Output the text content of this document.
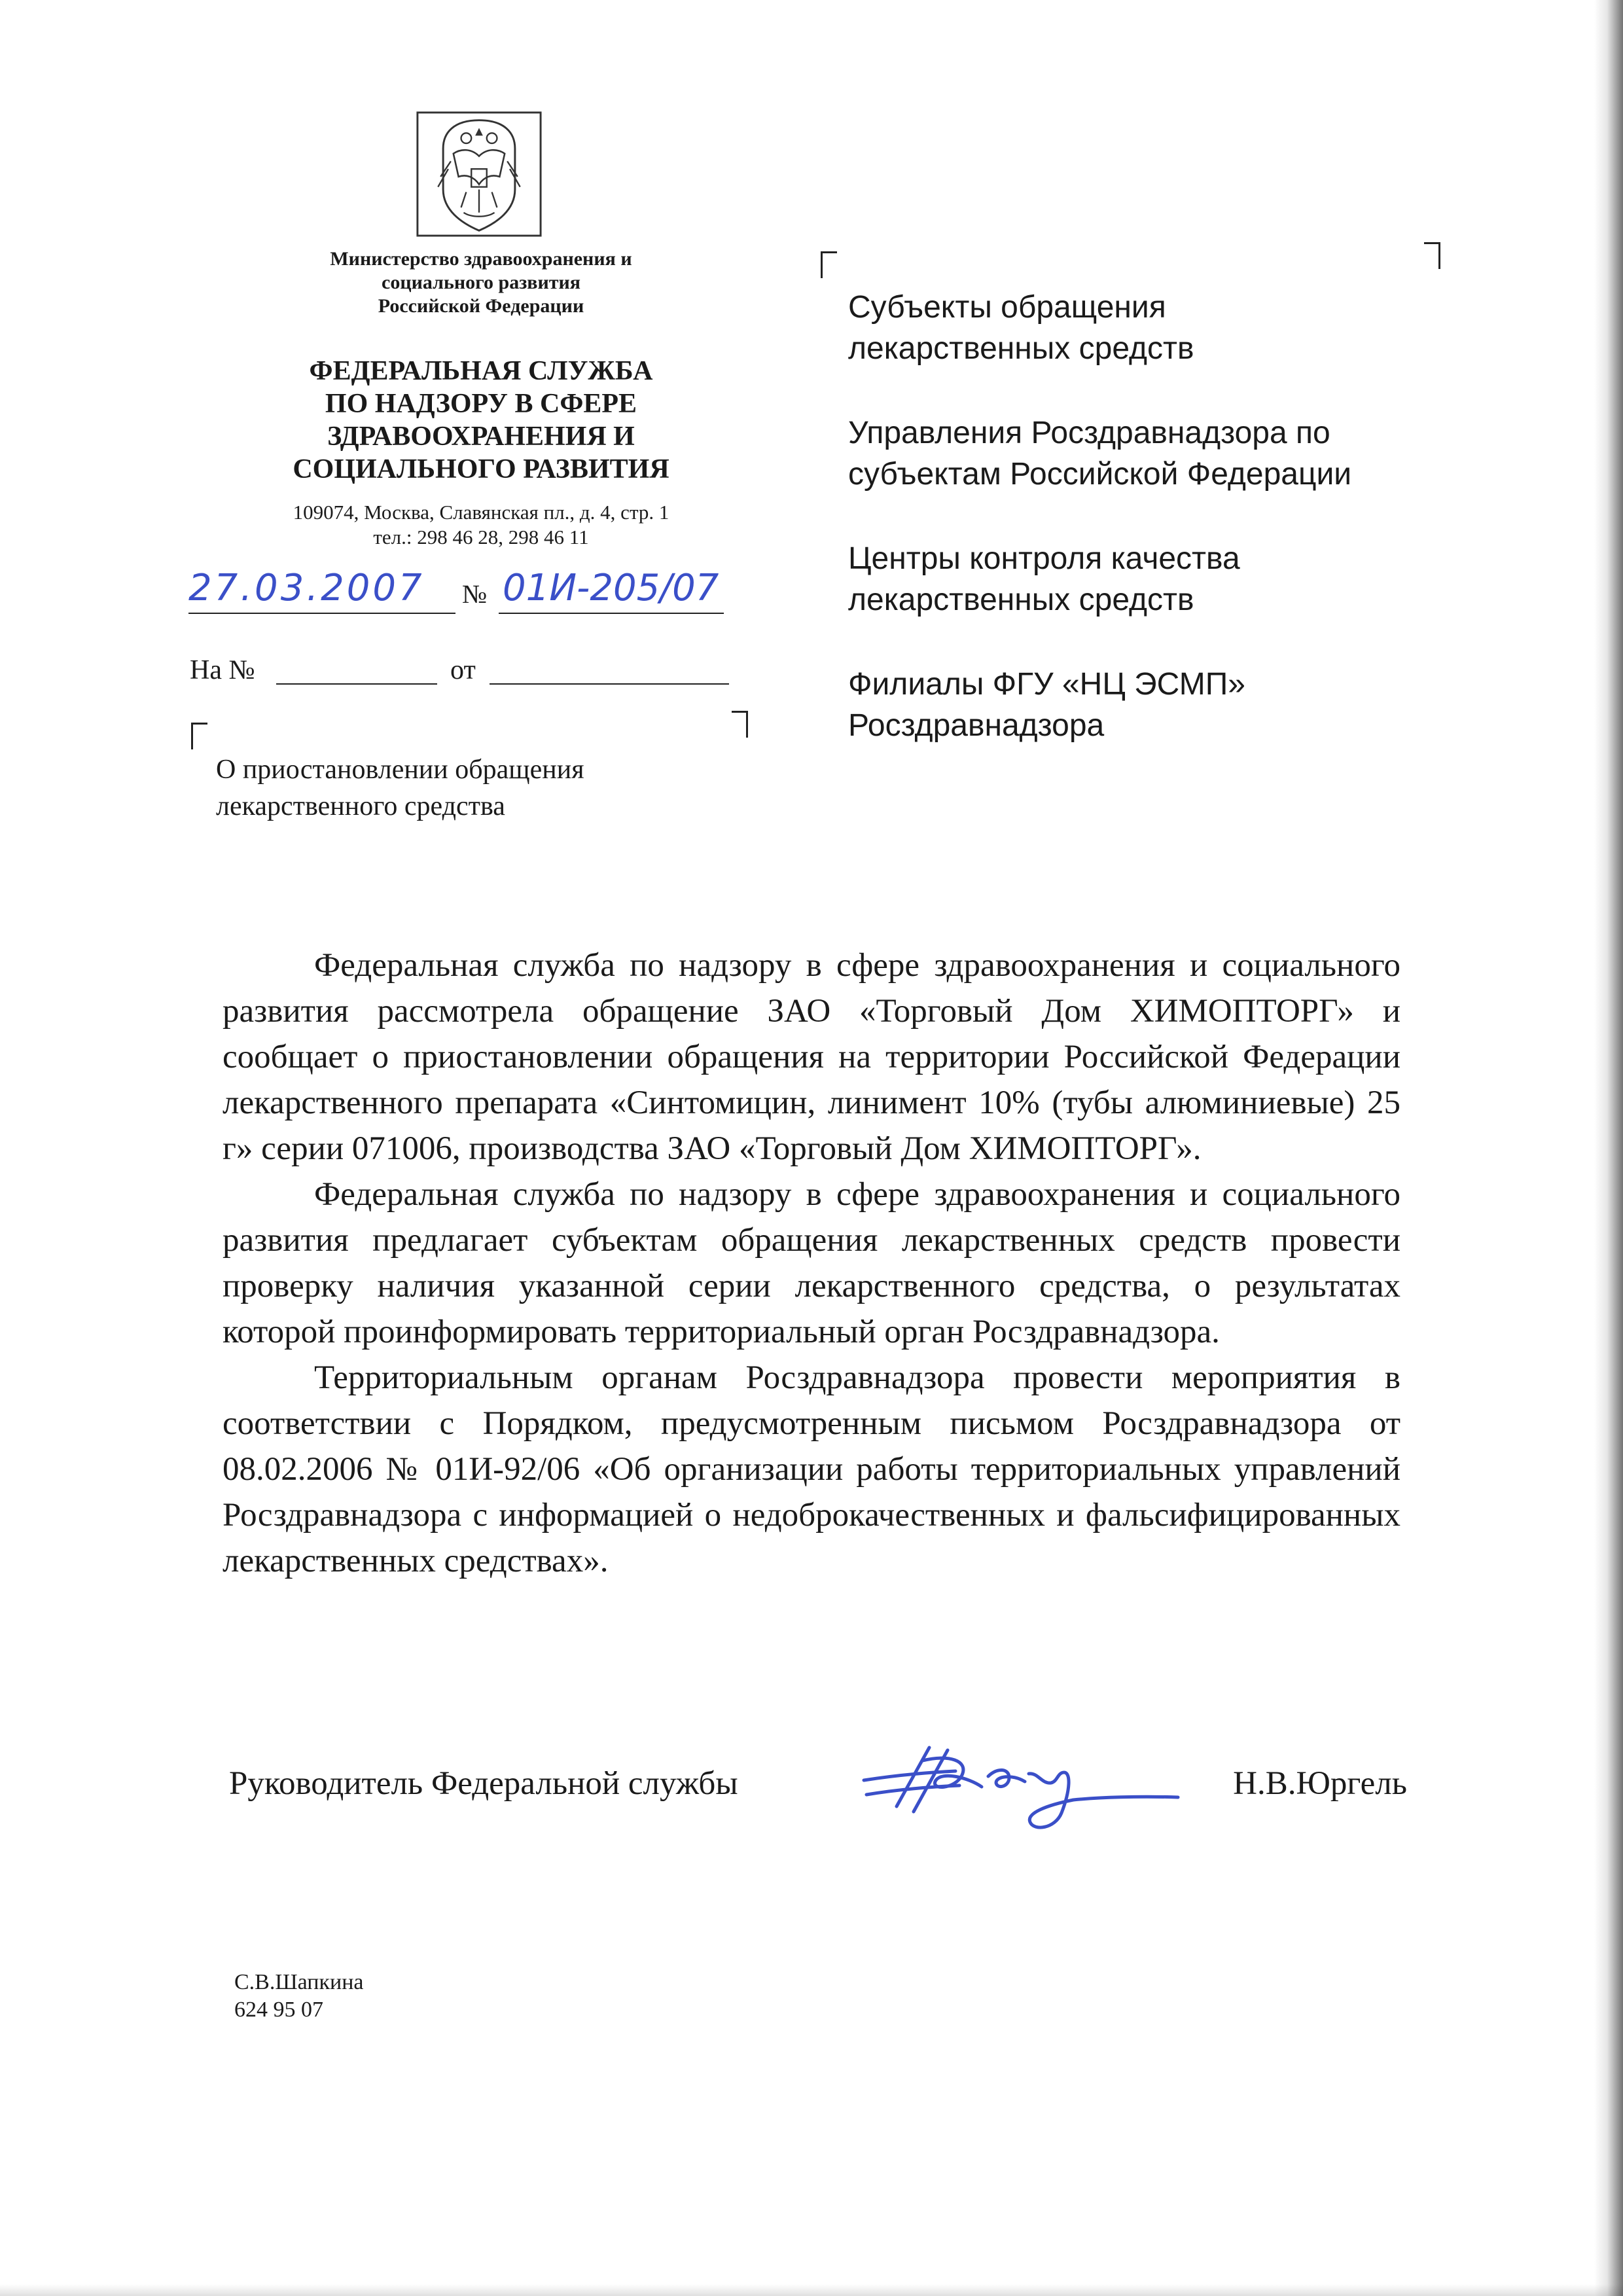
Министерство здравоохранения и
социального развития
Российской Федерации
ФЕДЕРАЛЬНАЯ СЛУЖБА
ПО НАДЗОРУ В СФЕРЕ
ЗДРАВООХРАНЕНИЯ И
СОЦИАЛЬНОГО РАЗВИТИЯ
109074, Москва, Славянская пл., д. 4, стр. 1
тел.: 298 46 28, 298 46 11
27.03.2007	№ 01И-205/07
На №	от
О приостановлении обращения
лекарственного средства
Субъекты обращения
лекарственных средств
Управления Росздравнадзора по
субъектам Российской Федерации
Центры контроля качества
лекарственных средств
Филиалы ФГУ «НЦ ЭСМП»
Росздравнадзора

Федеральная служба по надзору в сфере здравоохранения и социального развития рассмотрела обращение ЗАО «Торговый Дом ХИМОПТОРГ» и сообщает о приостановлении обращения на территории Российской Федерации лекарственного препарата «Синтомицин, линимент 10% (тубы алюминиевые) 25 г» серии 071006, производства ЗАО «Торговый Дом ХИМОПТОРГ».

Федеральная служба по надзору в сфере здравоохранения и социального развития предлагает субъектам обращения лекарственных средств провести проверку наличия указанной серии лекарственного средства, о результатах которой проинформировать территориальный орган Росздравнадзора.

Территориальным органам Росздравнадзора провести мероприятия в соответствии с Порядком, предусмотренным письмом Росздравнадзора от 08.02.2006 № 01И-92/06 «Об организации работы территориальных управлений Росздравнадзора с информацией о недоброкачественных и фальсифицированных лекарственных средствах».

Руководитель Федеральной службы	Н.В.Юргель
С.В.Шапкина
624 95 07
